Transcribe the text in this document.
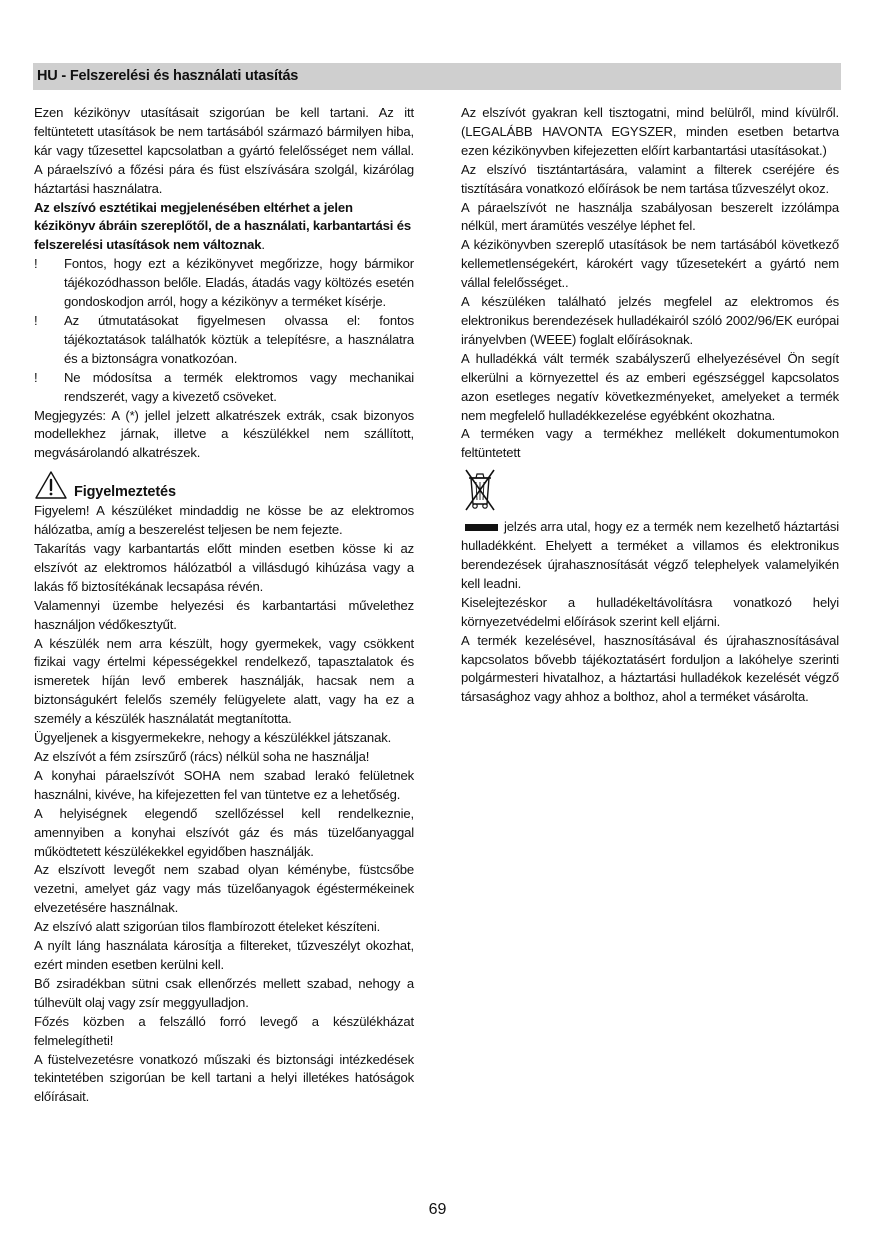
HU - Felszerelési és használati utasítás

Ezen kézikönyv utasításait szigorúan be kell tartani. Az itt feltüntetett utasítások be nem tartásából származó bármilyen hiba, kár vagy tűzesettel kapcsolatban a gyártó felelősséget nem vállal. A páraelszívó a főzési pára és füst elszívására szolgál, kizárólag háztartási használatra.

Az elszívó esztétikai megjelenésében eltérhet a jelen kézikönyv ábráin szereplőtől, de a használati, karbantartási és felszerelési utasítások nem változnak.

! Fontos, hogy ezt a kézikönyvet megőrizze, hogy bármikor tájékozódhasson belőle. Eladás, átadás vagy költözés esetén gondoskodjon arról, hogy a kézikönyv a terméket kísérje.

! Az útmutatásokat figyelmesen olvassa el: fontos tájékoztatások találhatók köztük a telepítésre, a használatra és a biztonságra vonatkozóan.

! Ne módosítsa a termék elektromos vagy mechanikai rendszerét, vagy a kivezető csöveket.

Megjegyzés: A (*) jellel jelzett alkatrészek extrák, csak bizonyos modellekhez járnak, illetve a készülékkel nem szállított, megvásárolandó alkatrészek.

Figyelmeztetés

Figyelem! A készüléket mindaddig ne kösse be az elektromos hálózatba, amíg a beszerelést teljesen be nem fejezte.

Takarítás vagy karbantartás előtt minden esetben kösse ki az elszívót az elektromos hálózatból a villásdugó kihúzása vagy a lakás fő biztosítékának lecsapása révén.

Valamennyi üzembe helyezési és karbantartási művelethez használjon védőkesztyűt.

A készülék nem arra készült, hogy gyermekek, vagy csökkent fizikai vagy értelmi képességekkel rendelkező, tapasztalatok és ismeretek híján levő emberek használják, hacsak nem a biztonságukért felelős személy felügyelete alatt, vagy ha ez a személy a készülék használatát megtanította.

Ügyeljenek a kisgyermekekre, nehogy a készülékkel játszanak.

Az elszívót a fém zsírszűrő (rács) nélkül soha ne használja!

A konyhai páraelszívót SOHA nem szabad lerakó felületnek használni, kivéve, ha kifejezetten fel van tüntetve ez a lehetőség.

A helyiségnek elegendő szellőzéssel kell rendelkeznie, amennyiben a konyhai elszívót gáz és más tüzelőanyaggal működtetett készülékekkel egyidőben használják.

Az elszívott levegőt nem szabad olyan kéménybe, füstcsőbe vezetni, amelyet gáz vagy más tüzelőanyagok égéstermékeinek elvezetésére használnak.

Az elszívó alatt szigorúan tilos flambírozott ételeket készíteni.

A nyílt láng használata károsítja a filtereket, tűzveszélyt okozhat, ezért minden esetben kerülni kell.

Bő zsiradékban sütni csak ellenőrzés mellett szabad, nehogy a túlhevült olaj vagy zsír meggyulladjon.

Főzés közben a felszálló forró levegő a készülékházat felmelegítheti!

A füstelvezetésre vonatkozó műszaki és biztonsági intézkedések tekintetében szigorúan be kell tartani a helyi illetékes hatóságok előírásait.

Az elszívót gyakran kell tisztogatni, mind belülről, mind kívülről. (LEGALÁBB HAVONTA EGYSZER, minden esetben betartva ezen kézikönyvben kifejezetten előírt karbantartási utasításokat.)

Az elszívó tisztántartására, valamint a filterek cseréjére és tisztítására vonatkozó előírások be nem tartása tűzveszélyt okoz.

A páraelszívót ne használja szabályosan beszerelt izzólámpa nélkül, mert áramütés veszélye léphet fel.

A kézikönyvben szereplő utasítások be nem tartásából következő kellemetlenségekért, károkért vagy tűzesetekért a gyártó nem vállal felelősséget..

A készüléken található jelzés megfelel az elektromos és elektronikus berendezések hulladékairól szóló 2002/96/EK európai irányelvben (WEEE) foglalt előírásoknak.

A hulladékká vált termék szabályszerű elhelyezésével Ön segít elkerülni a környezettel és az emberi egészséggel kapcsolatos azon esetleges negatív következményeket, amelyeket a termék nem megfelelő hulladékkezelése egyébként okozhatna.

A terméken vagy a termékhez mellékelt dokumentumokon feltüntetett

jelzés arra utal, hogy ez a termék nem kezelhető háztartási hulladékként. Ehelyett a terméket a villamos és elektronikus berendezések újrahasznosítását végző telephelyek valamelyikén kell leadni.

Kiselejtezéskor a hulladékeltávolításra vonatkozó helyi környezetvédelmi előírások szerint kell eljárni.

A termék kezelésével, hasznosításával és újrahasznosításával kapcsolatos bővebb tájékoztatásért forduljon a lakóhelye szerinti polgármesteri hivatalhoz, a háztartási hulladékok kezelését végző társasághoz vagy ahhoz a bolthoz, ahol a terméket vásárolta.

69
